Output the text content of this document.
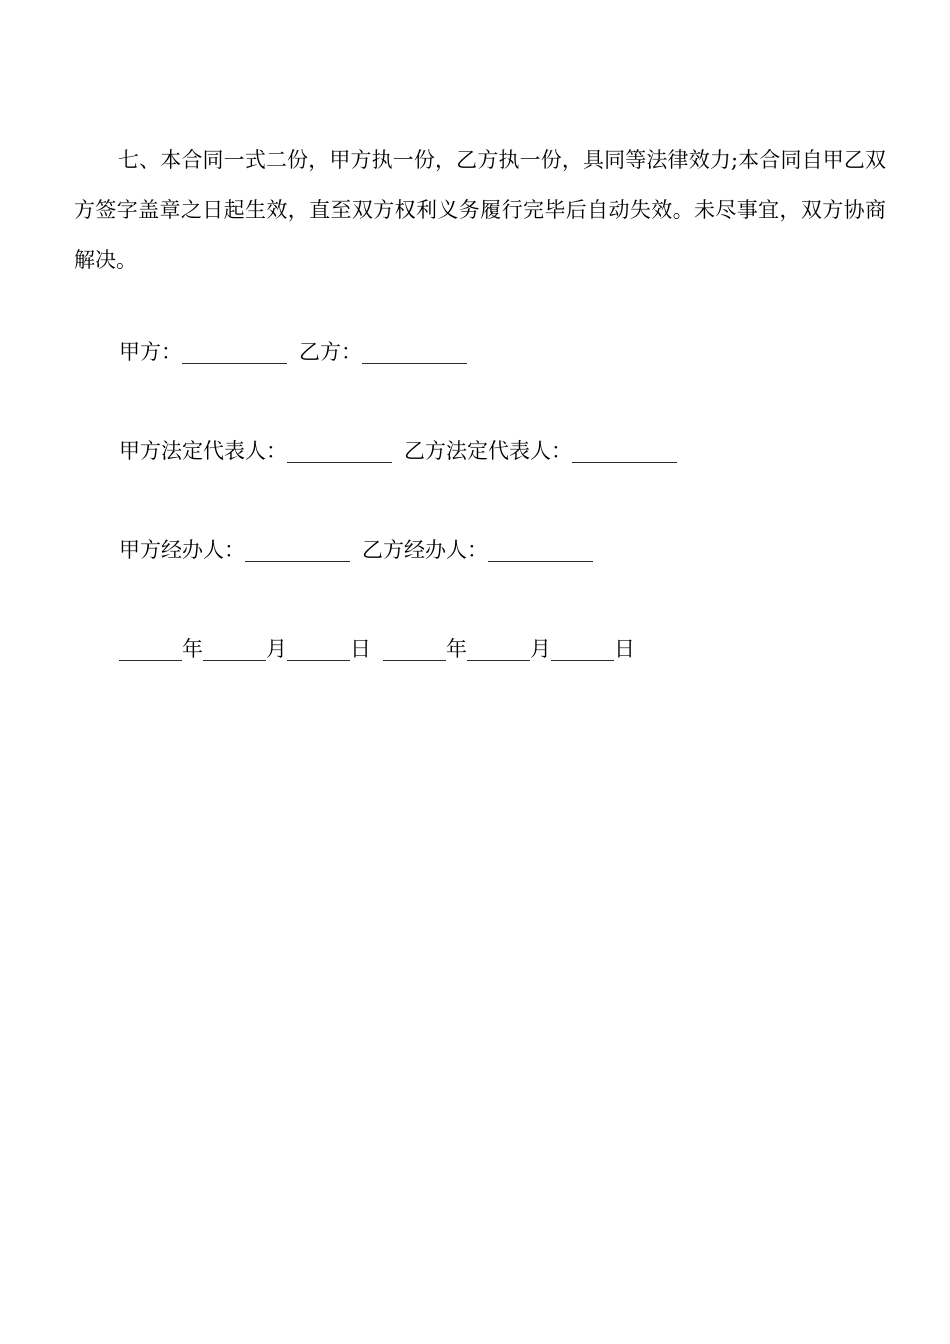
七、本合同一式二份，甲方执一份，乙方执一份，具同等法律效力;本合同自甲乙双方签字盖章之日起生效，直至双方权利义务履行完毕后自动失效。未尽事宜，双方协商解决。

甲方：__________ 乙方：__________

甲方法定代表人：__________ 乙方法定代表人：__________

甲方经办人：__________ 乙方经办人：__________

______年______月______日 ______年______月______日
